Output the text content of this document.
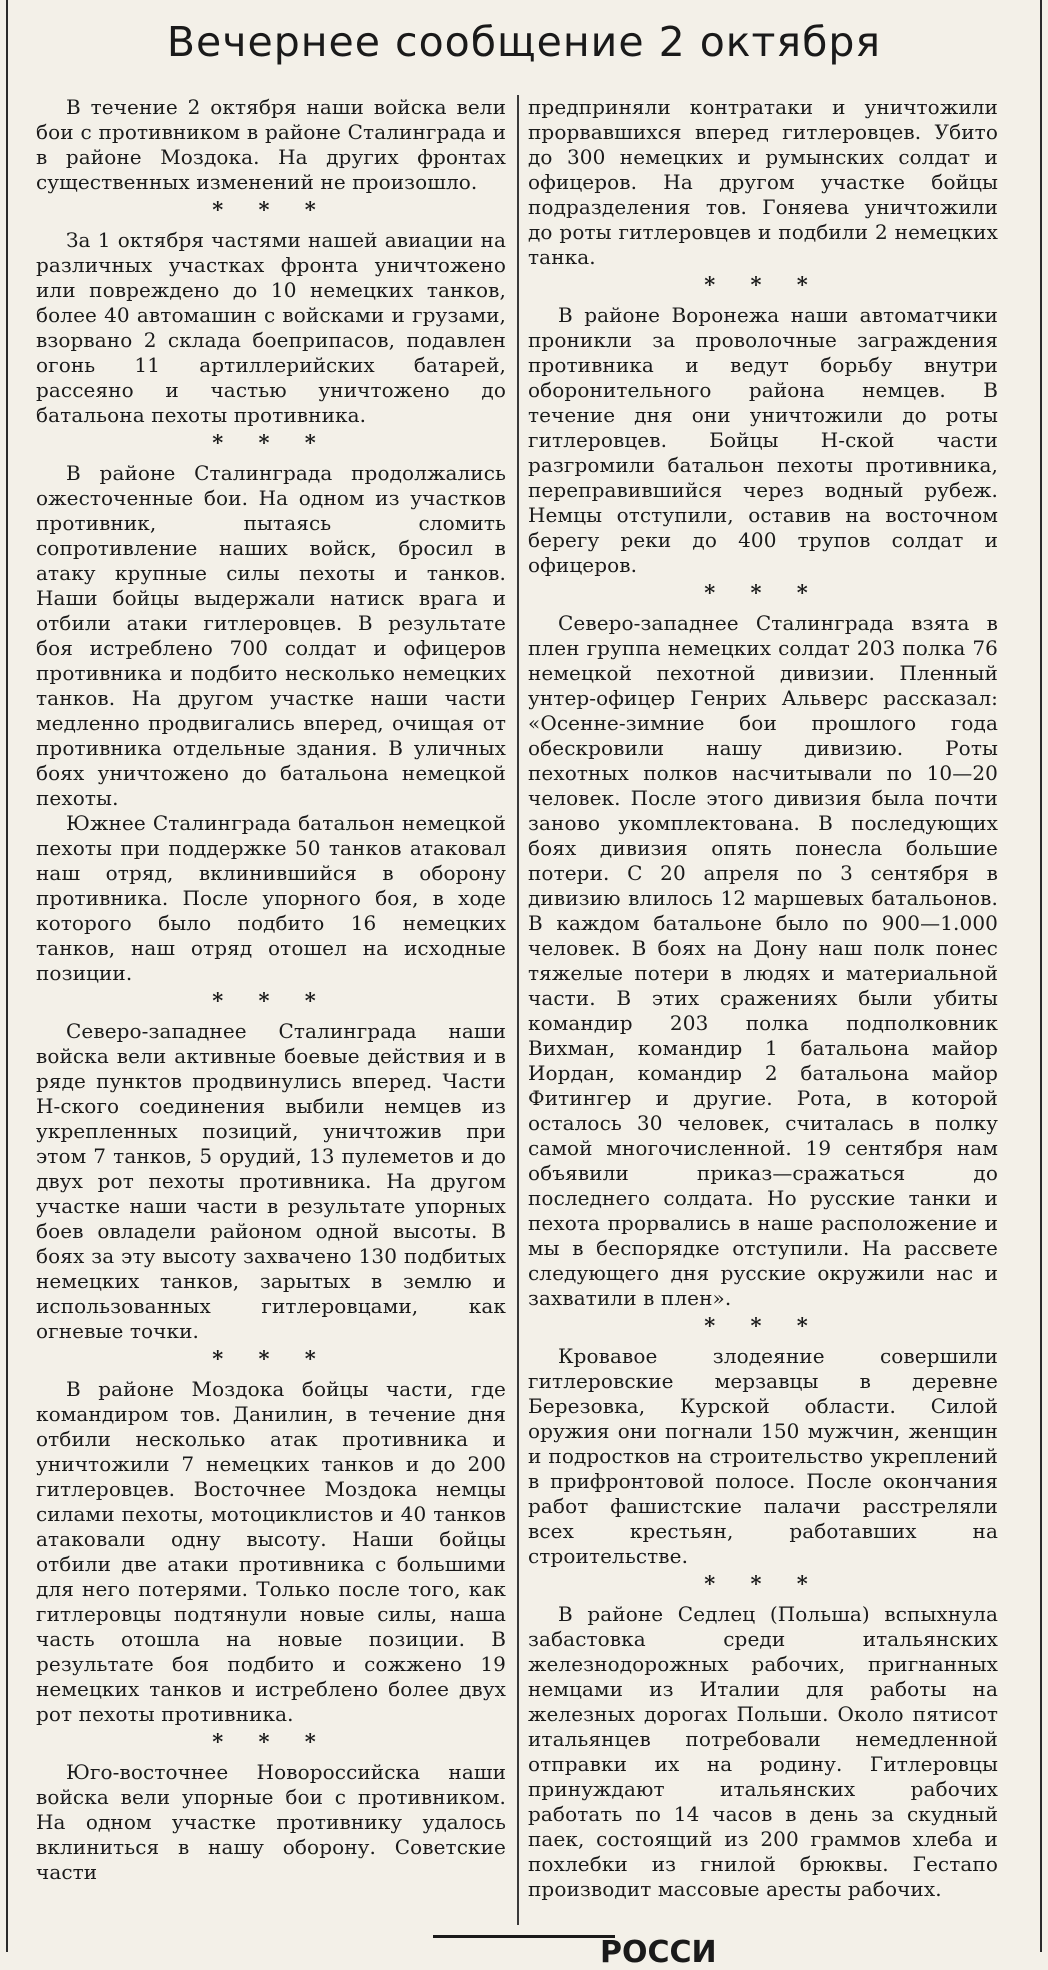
Вечернее сообщение 2 октября

В течение 2 октября наши войска вели бои с противником в районе Сталинграда и в районе Моздока. На других фронтах существенных изменений не произошло.

* * *

За 1 октября частями нашей авиации на различных участках фронта уничтожено или повреждено до 10 немецких танков, более 40 автомашин с войсками и грузами, взорвано 2 склада боеприпасов, подавлен огонь 11 артиллерийских батарей, рассеяно и частью уничтожено до батальона пехоты противника.

* * *

В районе Сталинграда продолжались ожесточенные бои. На одном из участков противник, пытаясь сломить сопротивление наших войск, бросил в атаку крупные силы пехоты и танков. Наши бойцы выдержали натиск врага и отбили атаки гитлеровцев. В результате боя истреблено 700 солдат и офицеров противника и подбито несколько немецких танков. На другом участке наши части медленно продвигались вперед, очищая от противника отдельные здания. В уличных боях уничтожено до батальона немецкой пехоты.

Южнее Сталинграда батальон немецкой пехоты при поддержке 50 танков атаковал наш отряд, вклинившийся в оборону противника. После упорного боя, в ходе которого было подбито 16 немецких танков, наш отряд отошел на исходные позиции.

* * *

Северо-западнее Сталинграда наши войска вели активные боевые действия и в ряде пунктов продвинулись вперед. Части Н-ского соединения выбили немцев из укрепленных позиций, уничтожив при этом 7 танков, 5 орудий, 13 пулеметов и до двух рот пехоты противника. На другом участке наши части в результате упорных боев овладели районом одной высоты. В боях за эту высоту захвачено 130 подбитых немецких танков, зарытых в землю и использованных гитлеровцами, как огневые точки.

* * *

В районе Моздока бойцы части, где командиром тов. Данилин, в течение дня отбили несколько атак противника и уничтожили 7 немецких танков и до 200 гитлеровцев. Восточнее Моздока немцы силами пехоты, мотоциклистов и 40 танков атаковали одну высоту. Наши бойцы отбили две атаки противника с большими для него потерями. Только после того, как гитлеровцы подтянули новые силы, наша часть отошла на новые позиции. В результате боя подбито и сожжено 19 немецких танков и истреблено более двух рот пехоты противника.

* * *

Юго-восточнее Новороссийска наши войска вели упорные бои с противником. На одном участке противнику удалось вклиниться в нашу оборону. Советские части

предприняли контратаки и уничтожили прорвавшихся вперед гитлеровцев. Убито до 300 немецких и румынских солдат и офицеров. На другом участке бойцы подразделения тов. Гоняева уничтожили до роты гитлеровцев и подбили 2 немецких танка.

* * *

В районе Воронежа наши автоматчики проникли за проволочные заграждения противника и ведут борьбу внутри оборонительного района немцев. В течение дня они уничтожили до роты гитлеровцев. Бойцы Н-ской части разгромили батальон пехоты противника, переправившийся через водный рубеж. Немцы отступили, оставив на восточном берегу реки до 400 трупов солдат и офицеров.

* * *

Северо-западнее Сталинграда взята в плен группа немецких солдат 203 полка 76 немецкой пехотной дивизии. Пленный унтер-офицер Генрих Альверс рассказал: «Осенне-зимние бои прошлого года обескровили нашу дивизию. Роты пехотных полков насчитывали по 10—20 человек. После этого дивизия была почти заново укомплектована. В последующих боях дивизия опять понесла большие потери. С 20 апреля по 3 сентября в дивизию влилось 12 маршевых батальонов. В каждом батальоне было по 900—1.000 человек. В боях на Дону наш полк понес тяжелые потери в людях и материальной части. В этих сражениях были убиты командир 203 полка подполковник Вихман, командир 1 батальона майор Иордан, командир 2 батальона майор Фитингер и другие. Рота, в которой осталось 30 человек, считалась в полку самой многочисленной. 19 сентября нам объявили приказ—сражаться до последнего солдата. Но русские танки и пехота прорвались в наше расположение и мы в беспорядке отступили. На рассвете следующего дня русские окружили нас и захватили в плен».

* * *

Кровавое злодеяние совершили гитлеровские мерзавцы в деревне Березовка, Курской области. Силой оружия они погнали 150 мужчин, женщин и подростков на строительство укреплений в прифронтовой полосе. После окончания работ фашистские палачи расстреляли всех крестьян, работавших на строительстве.

* * *

В районе Седлец (Польша) вспыхнула забастовка среди итальянских железнодорожных рабочих, пригнанных немцами из Италии для работы на железных дорогах Польши. Около пятисот итальянцев потребовали немедленной отправки их на родину. Гитлеровцы принуждают итальянских рабочих работать по 14 часов в день за скудный паек, состоящий из 200 граммов хлеба и похлебки из гнилой брюквы. Гестапо производит массовые аресты рабочих.

РОССИ
